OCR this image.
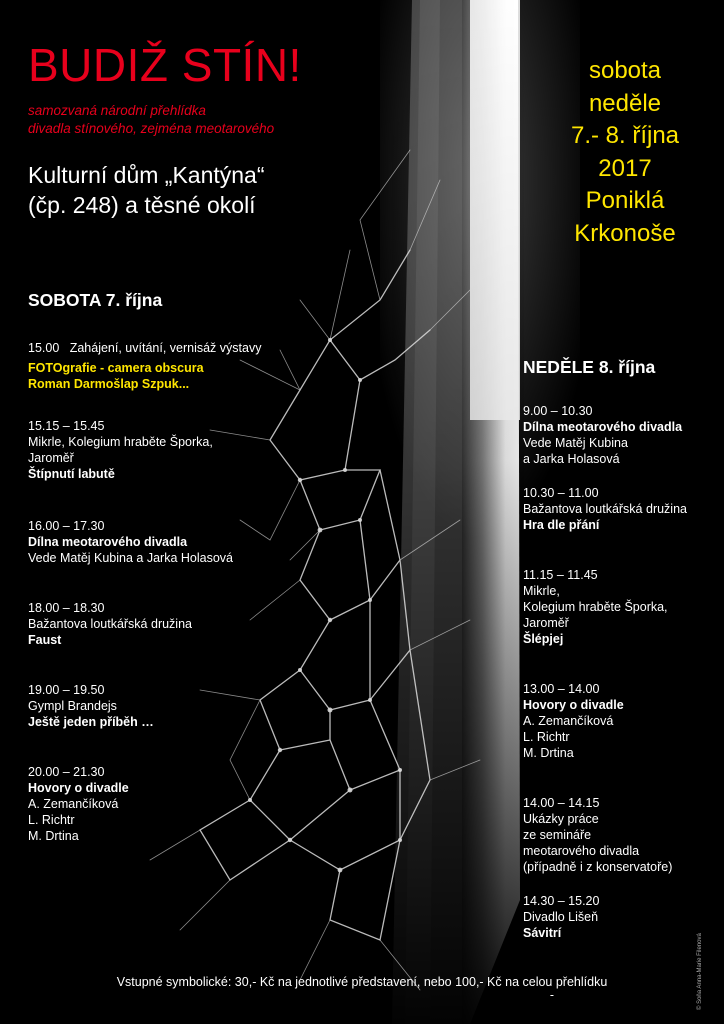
BUDIŽ STÍN!
samozvaná národní přehlídka
divadla stínového, zejména meotarového
Kulturní dům „Kantýna“
(čp. 248) a těsné okolí
sobota
neděle
7.- 8. října
2017
Poniklá
Krkonoše
SOBOTA 7. října
15.00 Zahájení, uvítání, vernisáž výstavy
FOTOgrafie - camera obscura
Roman Darmošlap Szpuk...
15.15 – 15.45
Mikrle, Kolegium hraběte Šporka,
Jaroměř
Štípnutí labutě
16.00 – 17.30
Dílna meotarového divadla
Vede Matěj Kubina a Jarka Holasová
18.00 – 18.30
Bažantova loutkářská družina
Faust
19.00 – 19.50
Gympl Brandejs
Ještě jeden příběh …
20.00 – 21.30
Hovory o divadle
A. Zemančíková
L. Richtr
M. Drtina
NEDĚLE 8. října
9.00 – 10.30
Dílna meotarového divadla
Vede Matěj Kubina
a Jarka Holasová
10.30 – 11.00
Bažantova loutkářská družina
Hra dle přání
11.15 – 11.45
Mikrle,
Kolegium hraběte Šporka,
Jaroměř
Šlépjej
13.00 – 14.00
Hovory o divadle
A. Zemančíková
L. Richtr
M. Drtina
14.00 – 14.15
Ukázky práce
ze semináře
meotarového divadla
(případně i z konservatoře)
14.30 – 15.20
Divadlo Lišeň
Sávitrí
Vstupné symbolické: 30,- Kč na jednotlivé představení, nebo 100,- Kč na celou přehlídku
-	© Soňa Anna-Marie Filenová
